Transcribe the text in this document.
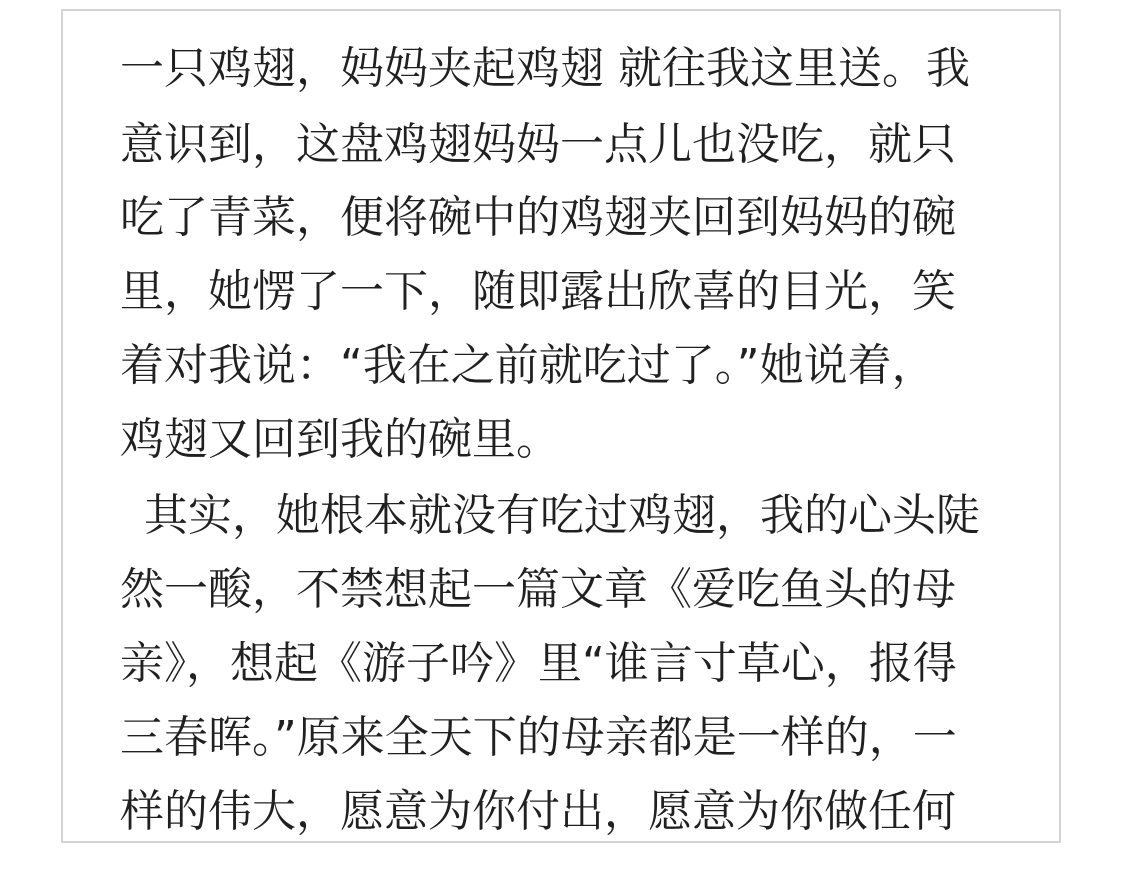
一只鸡翅，妈妈夹起鸡翅 就往我这里送。我
意识到，这盘鸡翅妈妈一点儿也没吃，就只
吃了青菜，便将碗中的鸡翅夹回到妈妈的碗
里，她愣了一下，随即露出欣喜的目光，笑
着对我说：“我在之前就吃过了。”她说着，
鸡翅又回到我的碗里。
其实，她根本就没有吃过鸡翅，我的心头陡
然一酸，不禁想起一篇文章《爱吃鱼头的母
亲》，想起《游子吟》里“谁言寸草心，报得
三春晖。”原来全天下的母亲都是一样的，一
样的伟大，愿意为你付出，愿意为你做任何
